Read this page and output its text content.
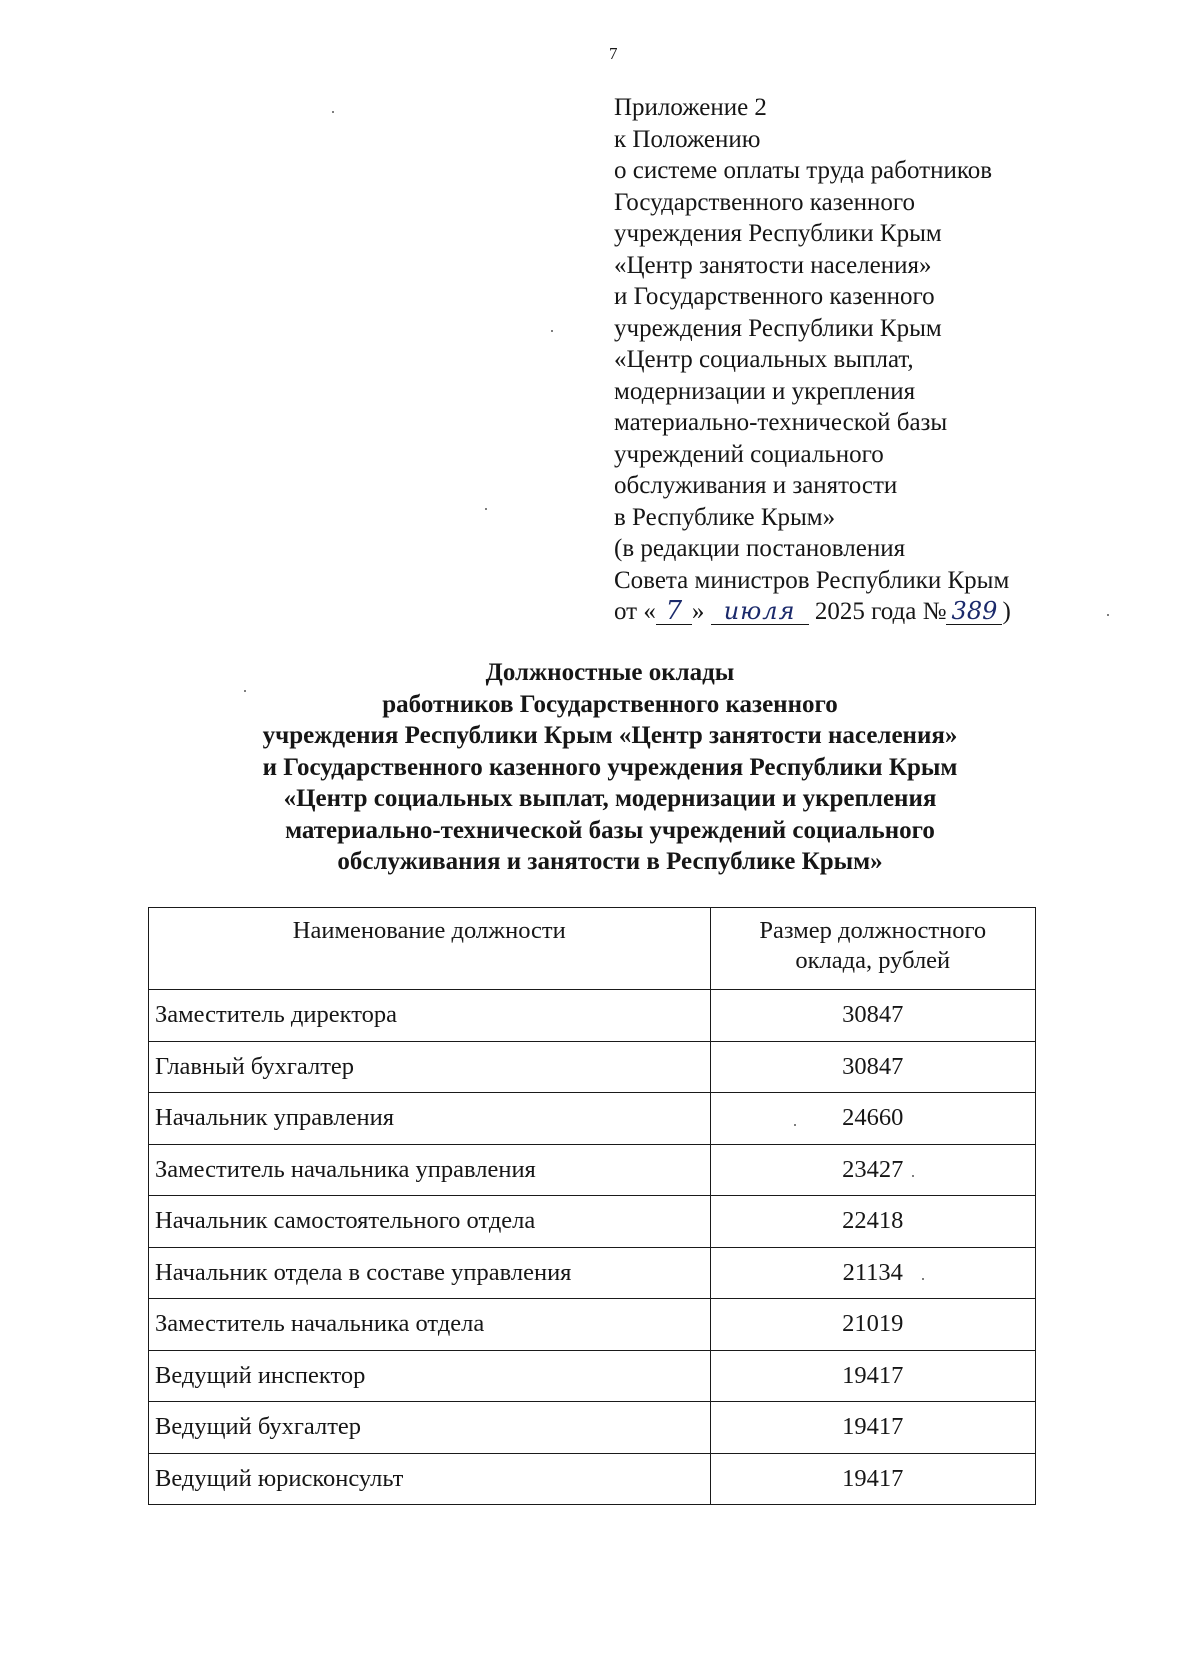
7
Приложение 2
к Положению
о системе оплаты труда работников
Государственного казенного
учреждения Республики Крым
«Центр занятости населения»
и Государственного казенного
учреждения Республики Крым
«Центр социальных выплат,
модернизации и укрепления
материально-технической базы
учреждений социального
обслуживания и занятости
в Республике Крым»
(в редакции постановления
Совета министров Республики Крым
от « 7 » июля 2025 года № 389 )
Должностные оклады
работников Государственного казенного
учреждения Республики Крым «Центр занятости населения»
и Государственного казенного учреждения Республики Крым
«Центр социальных выплат, модернизации и укрепления
материально-технической базы учреждений социального
обслуживания и занятости в Республике Крым»
Наименование должности	Размер должностного
оклада, рублей
Заместитель директора	30847
Главный бухгалтер	30847
Начальник управления	24660
Заместитель начальника управления	23427
Начальник самостоятельного отдела	22418
Начальник отдела в составе управления	21134
Заместитель начальника отдела	21019
Ведущий инспектор	19417
Ведущий бухгалтер	19417
Ведущий юрисконсульт	19417
